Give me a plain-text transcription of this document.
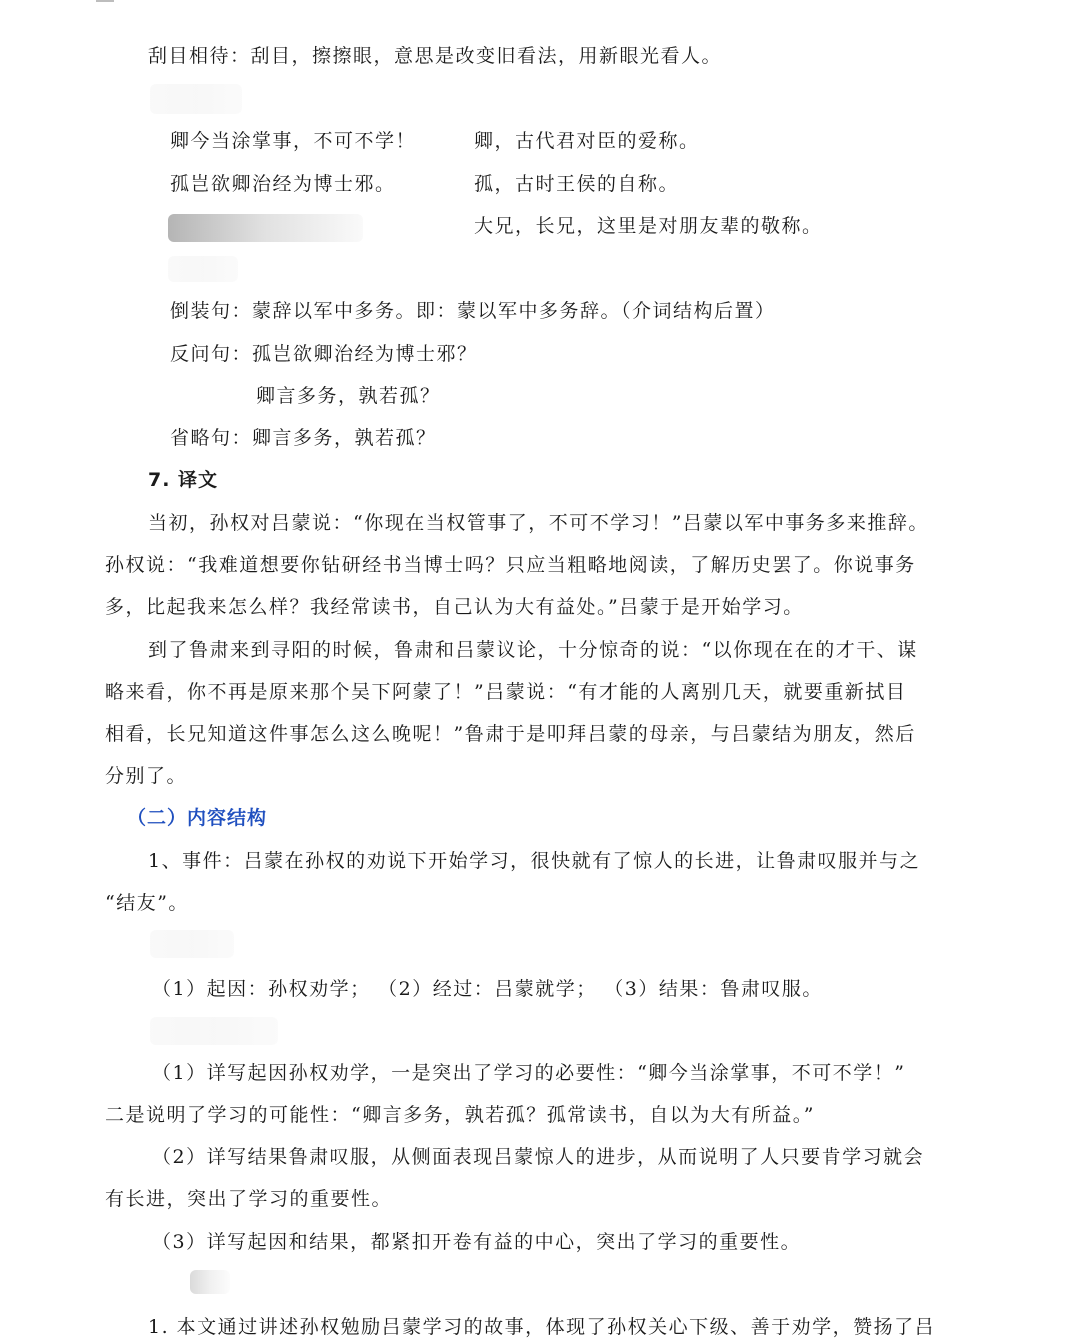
刮目相待：刮目，擦擦眼，意思是改变旧看法，用新眼光看人。
卿今当涂掌事，不可不学！	卿，古代君对臣的爱称。
孤岂欲卿治经为博士邪。	孤，古时王侯的自称。
大兄，长兄，这里是对朋友辈的敬称。
倒装句：蒙辞以军中多务。即：蒙以军中多务辞。（介词结构后置）
反问句：孤岂欲卿治经为博士邪？
卿言多务，孰若孤？
省略句：卿言多务，孰若孤？
7. 译文
当初，孙权对吕蒙说：“你现在当权管事了，不可不学习！”吕蒙以军中事务多来推辞。
孙权说：“我难道想要你钻研经书当博士吗？只应当粗略地阅读，了解历史罢了。你说事务
多，比起我来怎么样？我经常读书，自己认为大有益处。”吕蒙于是开始学习。
到了鲁肃来到寻阳的时候，鲁肃和吕蒙议论，十分惊奇的说：“以你现在在的才干、谋
略来看，你不再是原来那个吴下阿蒙了！”吕蒙说：“有才能的人离别几天，就要重新拭目
相看，长兄知道这件事怎么这么晚呢！”鲁肃于是叩拜吕蒙的母亲，与吕蒙结为朋友，然后
分别了。
（二）内容结构
1、事件：吕蒙在孙权的劝说下开始学习，很快就有了惊人的长进，让鲁肃叹服并与之
“结友”。
（1）起因：孙权劝学； （2）经过：吕蒙就学； （3）结果：鲁肃叹服。
（1）详写起因孙权劝学，一是突出了学习的必要性：“卿今当涂掌事，不可不学！”
二是说明了学习的可能性：“卿言多务，孰若孤？孤常读书，自以为大有所益。”
（2）详写结果鲁肃叹服，从侧面表现吕蒙惊人的进步，从而说明了人只要肯学习就会
有长进，突出了学习的重要性。
（3）详写起因和结果，都紧扣开卷有益的中心，突出了学习的重要性。
1. 本文通过讲述孙权勉励吕蒙学习的故事，体现了孙权关心下级、善于劝学，赞扬了吕
